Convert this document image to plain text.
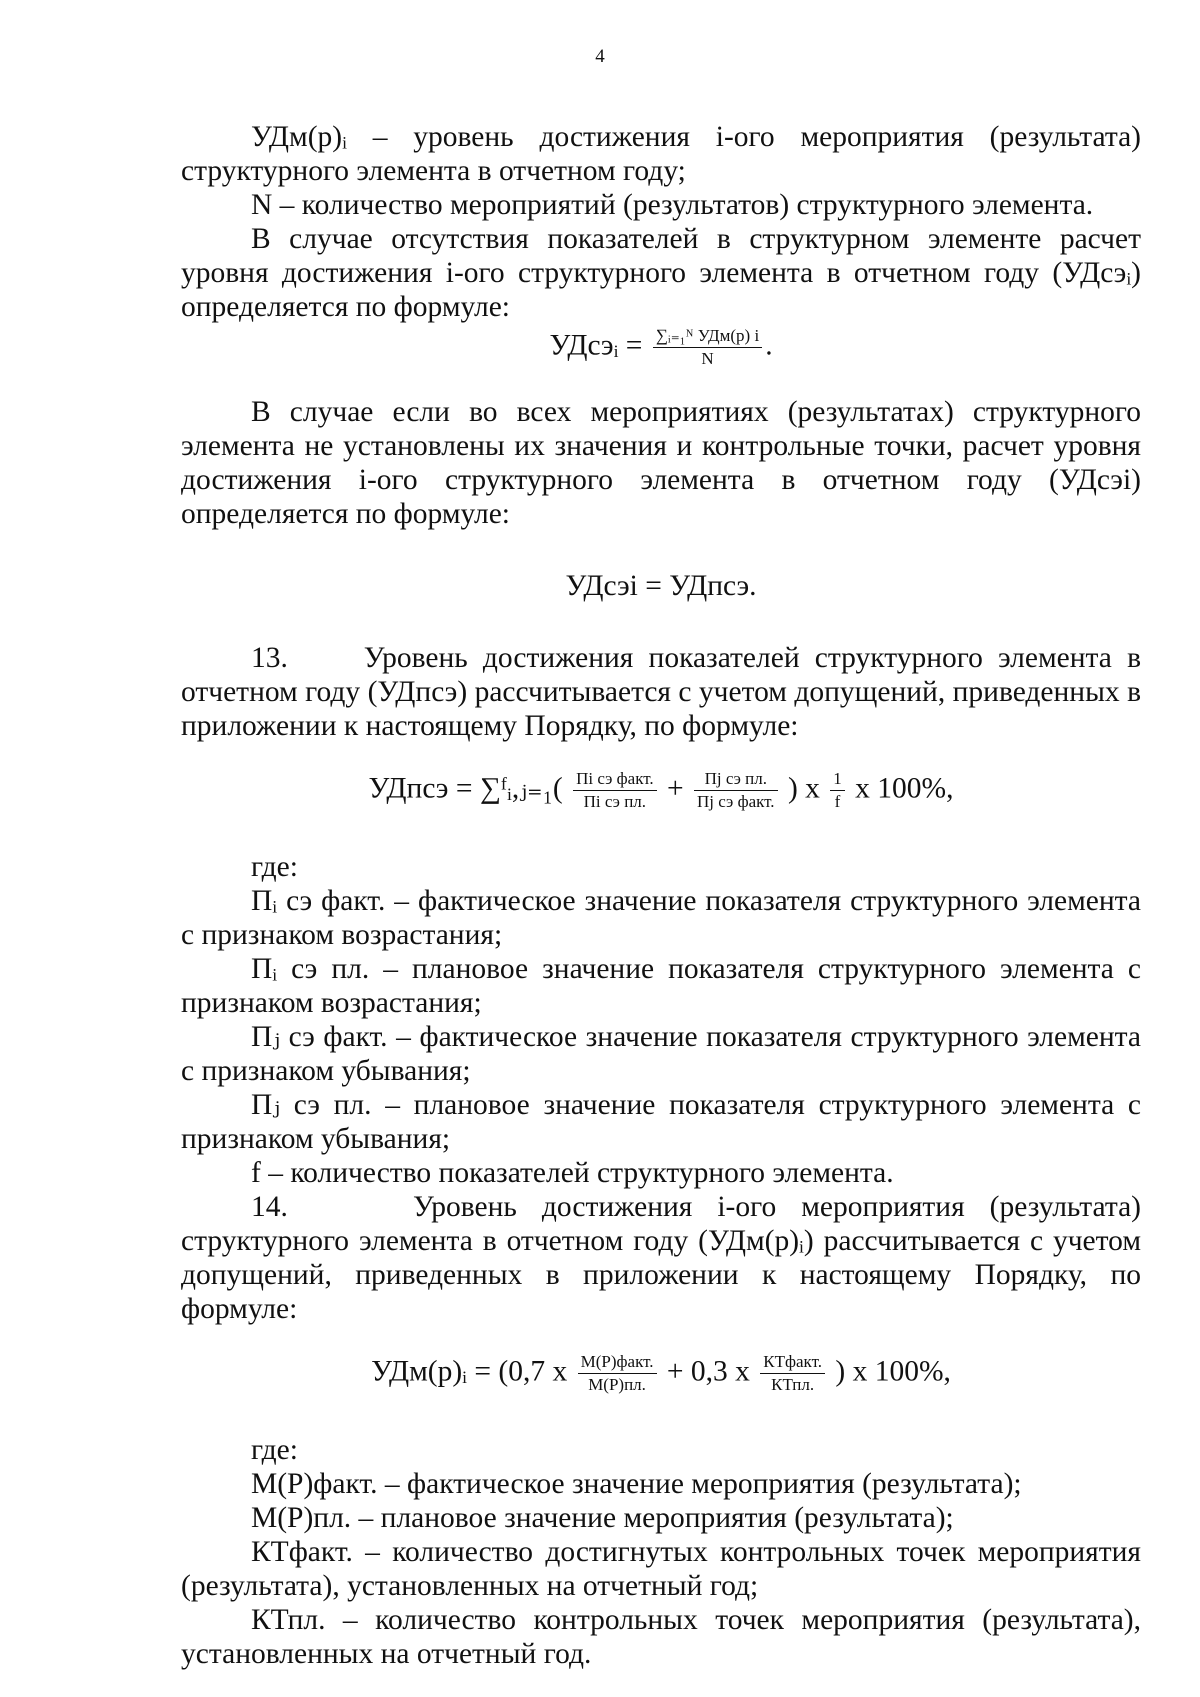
4

УДм(р)ᵢ – уровень достижения i-ого мероприятия (результата) структурного элемента в отчетном году;

N – количество мероприятий (результатов) структурного элемента.

В случае отсутствия показателей в структурном элементе расчет уровня достижения i-ого структурного элемента в отчетном году (УДсэᵢ) определяется по формуле:

УДсэᵢ = $\frac{\text{∑ᵢ₌₁ᴺ УДм(р) i}}{N}$ .

В случае если во всех мероприятиях (результатах) структурного элемента не установлены их значения и контрольные точки, расчет уровня достижения i-ого структурного элемента в отчетном году (УДсэi) определяется по формуле:

УДсэi = УДпсэ.

13.	Уровень достижения показателей структурного элемента в отчетном году (УДпсэ) рассчитывается с учетом допущений, приведенных в приложении к настоящему Порядку, по формуле:

УДпсэ = ∑ᶠᵢ,ⱼ₌₁( $\frac{\text{Пi сэ факт.}}{\text{Пi сэ пл.}} + \frac{\text{Пj сэ пл.}}{\text{Пj сэ факт.}}$ ) х $\frac{1}{f}$ х 100%,

где:

Пᵢ сэ факт. – фактическое значение показателя структурного элемента с признаком возрастания;

Пᵢ сэ пл. – плановое значение показателя структурного элемента с признаком возрастания;

Пⱼ сэ факт. – фактическое значение показателя структурного элемента с признаком убывания;

Пⱼ сэ пл. – плановое значение показателя структурного элемента с признаком убывания;

f – количество показателей структурного элемента.

14.	Уровень достижения i-ого мероприятия (результата) структурного элемента в отчетном году (УДм(р)ᵢ) рассчитывается с учетом допущений, приведенных в приложении к настоящему Порядку, по формуле:

УДм(р)ᵢ = (0,7 х $\frac{\text{М(Р)факт.}}{М(Р)пл.} + 0,3$ х $\frac{\text{КТфакт.}}{\text{КТпл.}}$ ) х 100%,

где:

М(Р)факт. – фактическое значение мероприятия (результата);

М(Р)пл. – плановое значение мероприятия (результата);

КТфакт. – количество достигнутых контрольных точек мероприятия (результата), установленных на отчетный год;

КТпл. – количество контрольных точек мероприятия (результата), установленных на отчетный год.
